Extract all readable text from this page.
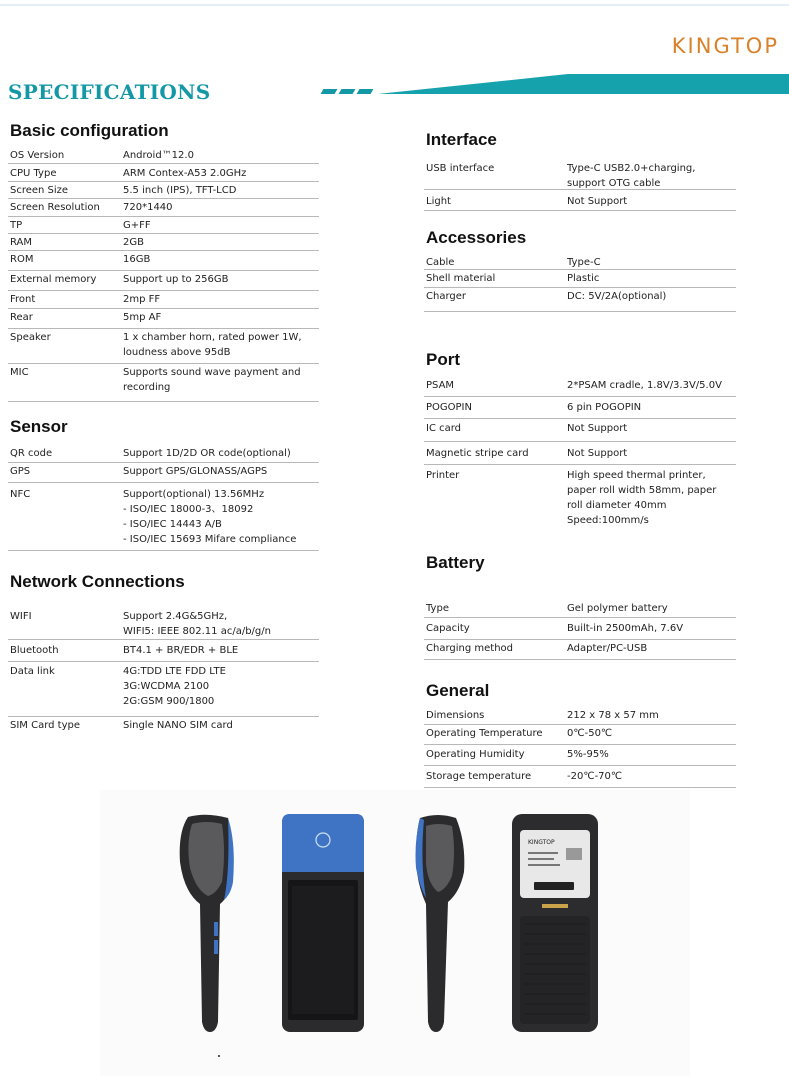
KINGTOP
SPECIFICATIONS
Basic configuration
OS Version	Android™12.0
CPU Type	ARM Contex-A53 2.0GHz
Screen Size	5.5 inch (IPS), TFT-LCD
Screen Resolution 720*1440
TP	G+FF
RAM	2GB
ROM	16GB
External memory	Support up to 256GB
Front	2mp FF
Rear	5mp AF
Speaker	1 x chamber horn, rated power 1W,
loudness above 95dB
MIC	Supports sound wave payment and
recording
Sensor
QR code	Support 1D/2D OR code(optional)
GPS	Support GPS/GLONASS/AGPS
NFC	Support(optional) 13.56MHz
- ISO/IEC 18000-3、18092
- ISO/IEC 14443 A/B
- ISO/IEC 15693 Mifare compliance
Network Connections
WIFI	Support 2.4G&5GHz,
WIFI5: IEEE 802.11 ac/a/b/g/n
Bluetooth	BT4.1 + BR/EDR + BLE
Data link	4G:TDD LTE FDD LTE
3G:WCDMA 2100
2G:GSM 900/1800
SIM Card type	Single NANO SIM card
Interface
USB interface	Type-C USB2.0+charging,
support OTG cable
Light	Not Support
Accessories
Cable	Type-C
Shell material	Plastic
Charger	DC: 5V/2A(optional)
Port
PSAM	2*PSAM cradle, 1.8V/3.3V/5.0V
POGOPIN	6 pin POGOPIN
IC card	Not Support
Magnetic stripe card	Not Support
Printer	High speed thermal printer,
paper roll width 58mm, paper
roll diameter 40mm
Speed:100mm/s
Battery
Type	Gel polymer battery
Capacity	Built-in 2500mAh, 7.6V
Charging method	Adapter/PC-USB
General
Dimensions	212 x 78 x 57 mm
Operating Temperature 0℃-50℃
Operating Humidity	5%-95%
Storage temperature	-20℃-70℃
KINGTOP
